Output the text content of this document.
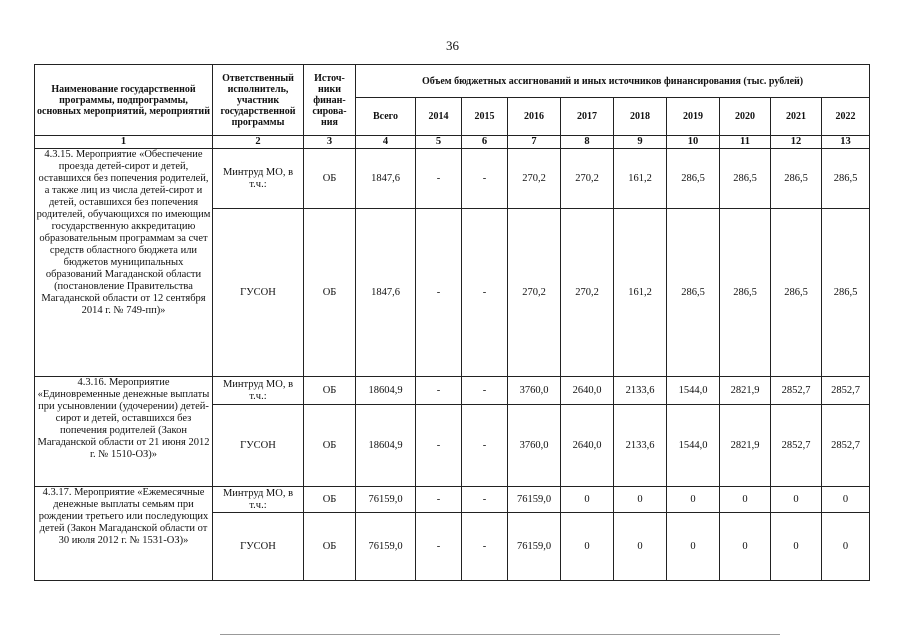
36
Наименование государственной программы, подпрограммы, основных мероприятий, мероприятий	Ответственный исполнитель, участник государственной программы	Источ-ники финан-сирова-ния	Объем бюджетных ассигнований и иных источников финансирования (тыс. рублей)									
			Всего	2014	2015	2016	2017	2018	2019	2020	2021	2022
1	2	3	4	5	6	7	8	9	10	11	12	13
4.3.15. Мероприятие «Обеспечение проезда детей-сирот и детей, оставшихся без попечения родителей, а также лиц из числа детей-сирот и детей, оставшихся без попечения родителей, обучающихся по имеющим государственную аккредитацию образовательным программам за счет средств областного бюджета или бюджетов муниципальных образований Магаданской области (постановление Правительства Магаданской области от 12 сентября 2014 г. № 749-пп)»	Минтруд МО, в т.ч.:	ОБ	1847,6	-	-	270,2	270,2	161,2	286,5	286,5	286,5	286,5
	ГУСОН	ОБ	1847,6	-	-	270,2	270,2	161,2	286,5	286,5	286,5	286,5
4.3.16. Мероприятие «Единовременные денежные выплаты при усыновлении (удочерении) детей-сирот и детей, оставшихся без попечения родителей (Закон Магаданской области от 21 июня 2012 г. № 1510-ОЗ)»	Минтруд МО, в т.ч.:	ОБ	18604,9	-	-	3760,0	2640,0	2133,6	1544,0	2821,9	2852,7	2852,7
	ГУСОН	ОБ	18604,9	-	-	3760,0	2640,0	2133,6	1544,0	2821,9	2852,7	2852,7
4.3.17. Мероприятие «Ежемесячные денежные выплаты семьям при рождении третьего или последующих детей (Закон Магаданской области от 30 июля 2012 г. № 1531-ОЗ)»	Минтруд МО, в т.ч.:	ОБ	76159,0	-	-	76159,0	0	0	0	0	0	0
	ГУСОН	ОБ	76159,0	-	-	76159,0	0	0	0	0	0	0
